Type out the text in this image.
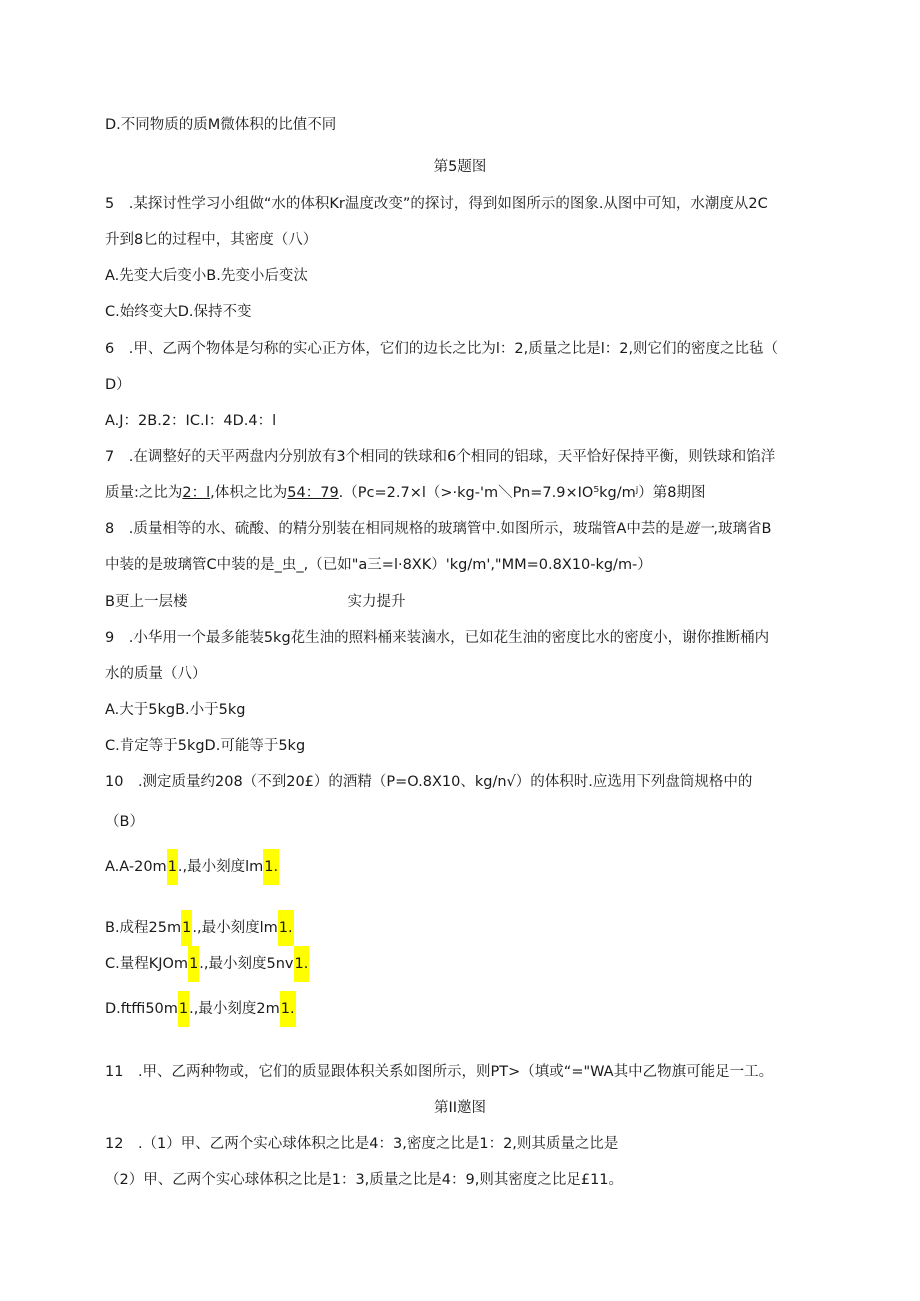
D.不同物质的质M微体积的比值不同
第5题图
5　.某探讨性学习小组做“水的体积Kr温度改变”的探讨，得到如图所示的图象.从图中可知，水潮度从2C
升到8匕的过程中，其密度（八）
A.先变大后变小B.先变小后变汰
C.始终变大D.保持不变
6　.甲、乙两个物体是匀称的实心正方体，它们的边长之比为l：2,质量之比是l：2,则它们的密度之比毡（
D）
A.J：2B.2：IC.I：4D.4：l
7　.在调整好的天平两盘内分别放有3个相同的铁球和6个相同的铝球，天平恰好保持平衡，则铁球和馅洋
质量:之比为2：l,体枳之比为54：79.（Pc=2.7×l（>·kg-'m＼Pn=7.9×IO⁵kg∕mʲ）第8期图
8　.质量相等的水、硫酸、的精分别装在相同规格的玻璃管中.如图所示，玻瑞管A中芸的是遊一,玻璃省B
中装的是玻璃管C中装的是_虫_,（已如"a三=l·8XK）'kg∕m',"MM=0.8X10-kg∕m-）
B更上一层楼	实力提升
9　.小华用一个最多能装5kg花生油的照料桶来装滷水，已如花生油的密度比水的密度小，谢你推断桶内
水的质量（八）
A.大于5kgB.小于5kg
C.肯定等于5kgD.可能等于5kg
10　.测定质量约208（不到20£）的酒精（P=O.8X10、kg∕n√）的体积时.应选用下列盘筒规格中的
（B）
A.A-20m1.,最小刻度lm1.
B.成程25m1.,最小刻度lm1.
C.量程KJOm1.,最小刻度5nv1.
D.ftffi50m1.,最小刻度2m1.
11　.甲、乙两种物或，它们的质显跟体积关系如图所示，则PT>（填或“="WA其中乙物旗可能足一工。
第II邀图
12　.（1）甲、乙两个实心球体积之比是4：3,密度之比是1：2,则其质量之比是
（2）甲、乙两个实心球体积之比是1：3,质量之比是4：9,则其密度之比足£11。
